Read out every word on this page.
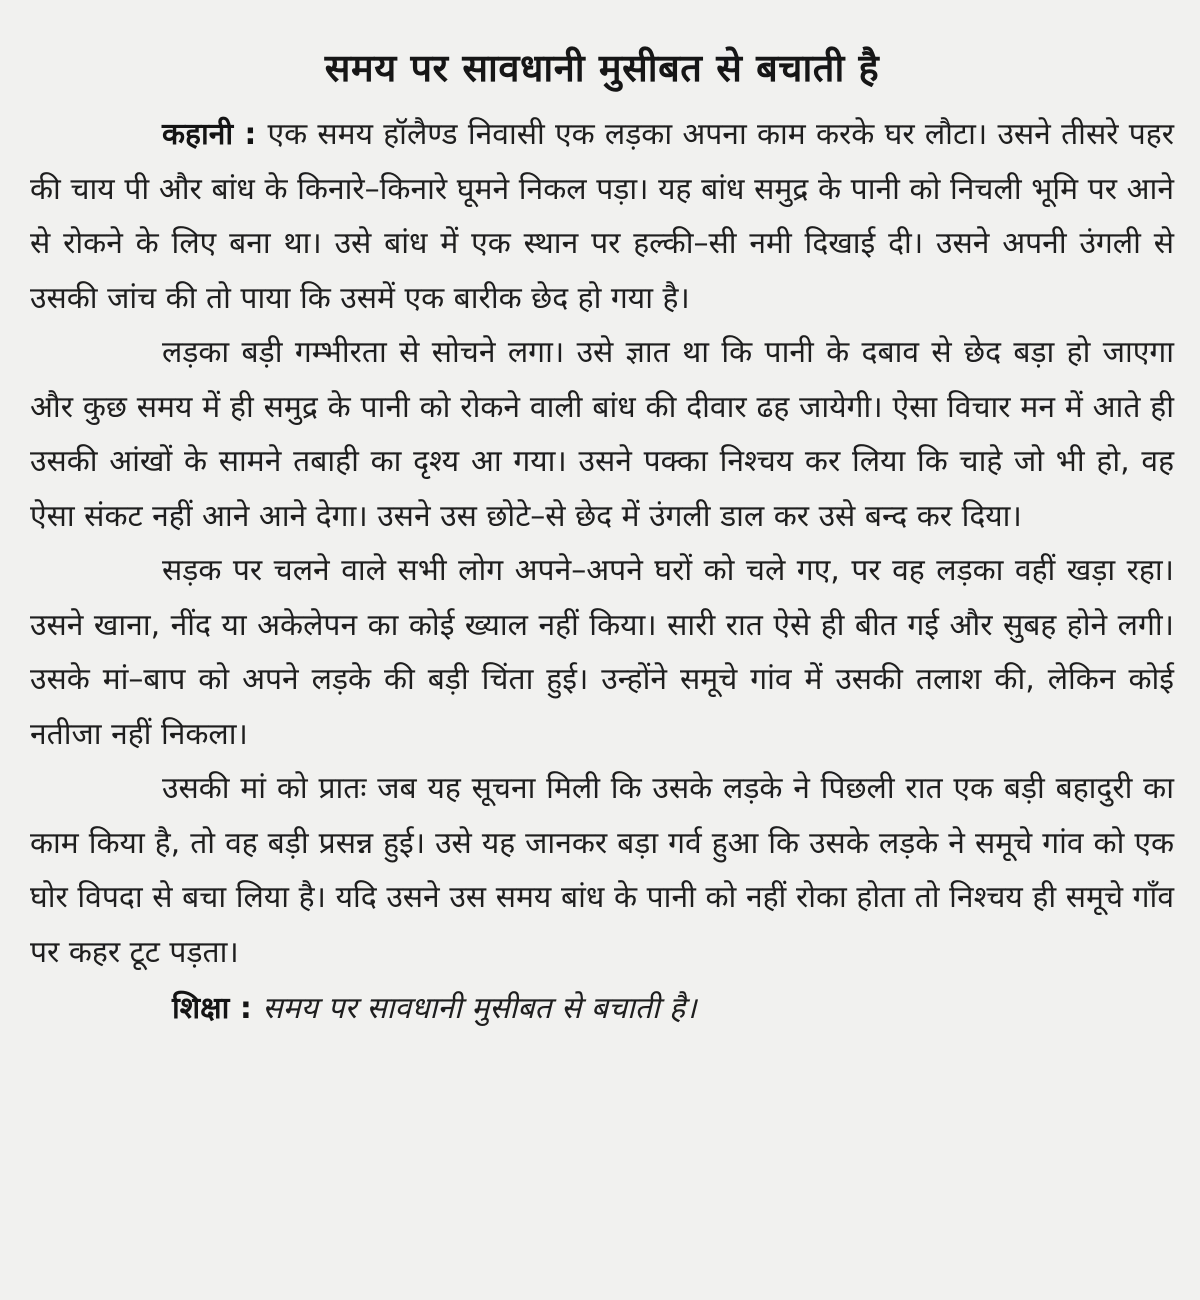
समय पर सावधानी मुसीबत से बचाती है

कहानी : एक समय हॉलैण्ड निवासी एक लड़का अपना काम करके घर लौटा। उसने तीसरे पहर की चाय पी और बांध के किनारे–किनारे घूमने निकल पड़ा। यह बांध समुद्र के पानी को निचली भूमि पर आने से रोकने के लिए बना था। उसे बांध में एक स्थान पर हल्की–सी नमी दिखाई दी। उसने अपनी उंगली से उसकी जांच की तो पाया कि उसमें एक बारीक छेद हो गया है।

लड़का बड़ी गम्भीरता से सोचने लगा। उसे ज्ञात था कि पानी के दबाव से छेद बड़ा हो जाएगा और कुछ समय में ही समुद्र के पानी को रोकने वाली बांध की दीवार ढह जायेगी। ऐसा विचार मन में आते ही उसकी आंखों के सामने तबाही का दृश्य आ गया। उसने पक्का निश्चय कर लिया कि चाहे जो भी हो, वह ऐसा संकट नहीं आने आने देगा। उसने उस छोटे–से छेद में उंगली डाल कर उसे बन्द कर दिया।

सड़क पर चलने वाले सभी लोग अपने–अपने घरों को चले गए, पर वह लड़का वहीं खड़ा रहा। उसने खाना, नींद या अकेलेपन का कोई ख्याल नहीं किया। सारी रात ऐसे ही बीत गई और सुबह होने लगी। उसके मां–बाप को अपने लड़के की बड़ी चिंता हुई। उन्होंने समूचे गांव में उसकी तलाश की, लेकिन कोई नतीजा नहीं निकला।

उसकी मां को प्रातः जब यह सूचना मिली कि उसके लड़के ने पिछली रात एक बड़ी बहादुरी का काम किया है, तो वह बड़ी प्रसन्न हुई। उसे यह जानकर बड़ा गर्व हुआ कि उसके लड़के ने समूचे गांव को एक घोर विपदा से बचा लिया है। यदि उसने उस समय बांध के पानी को नहीं रोका होता तो निश्चय ही समूचे गाँव पर कहर टूट पड़ता।

शिक्षा : समय पर सावधानी मुसीबत से बचाती है।
